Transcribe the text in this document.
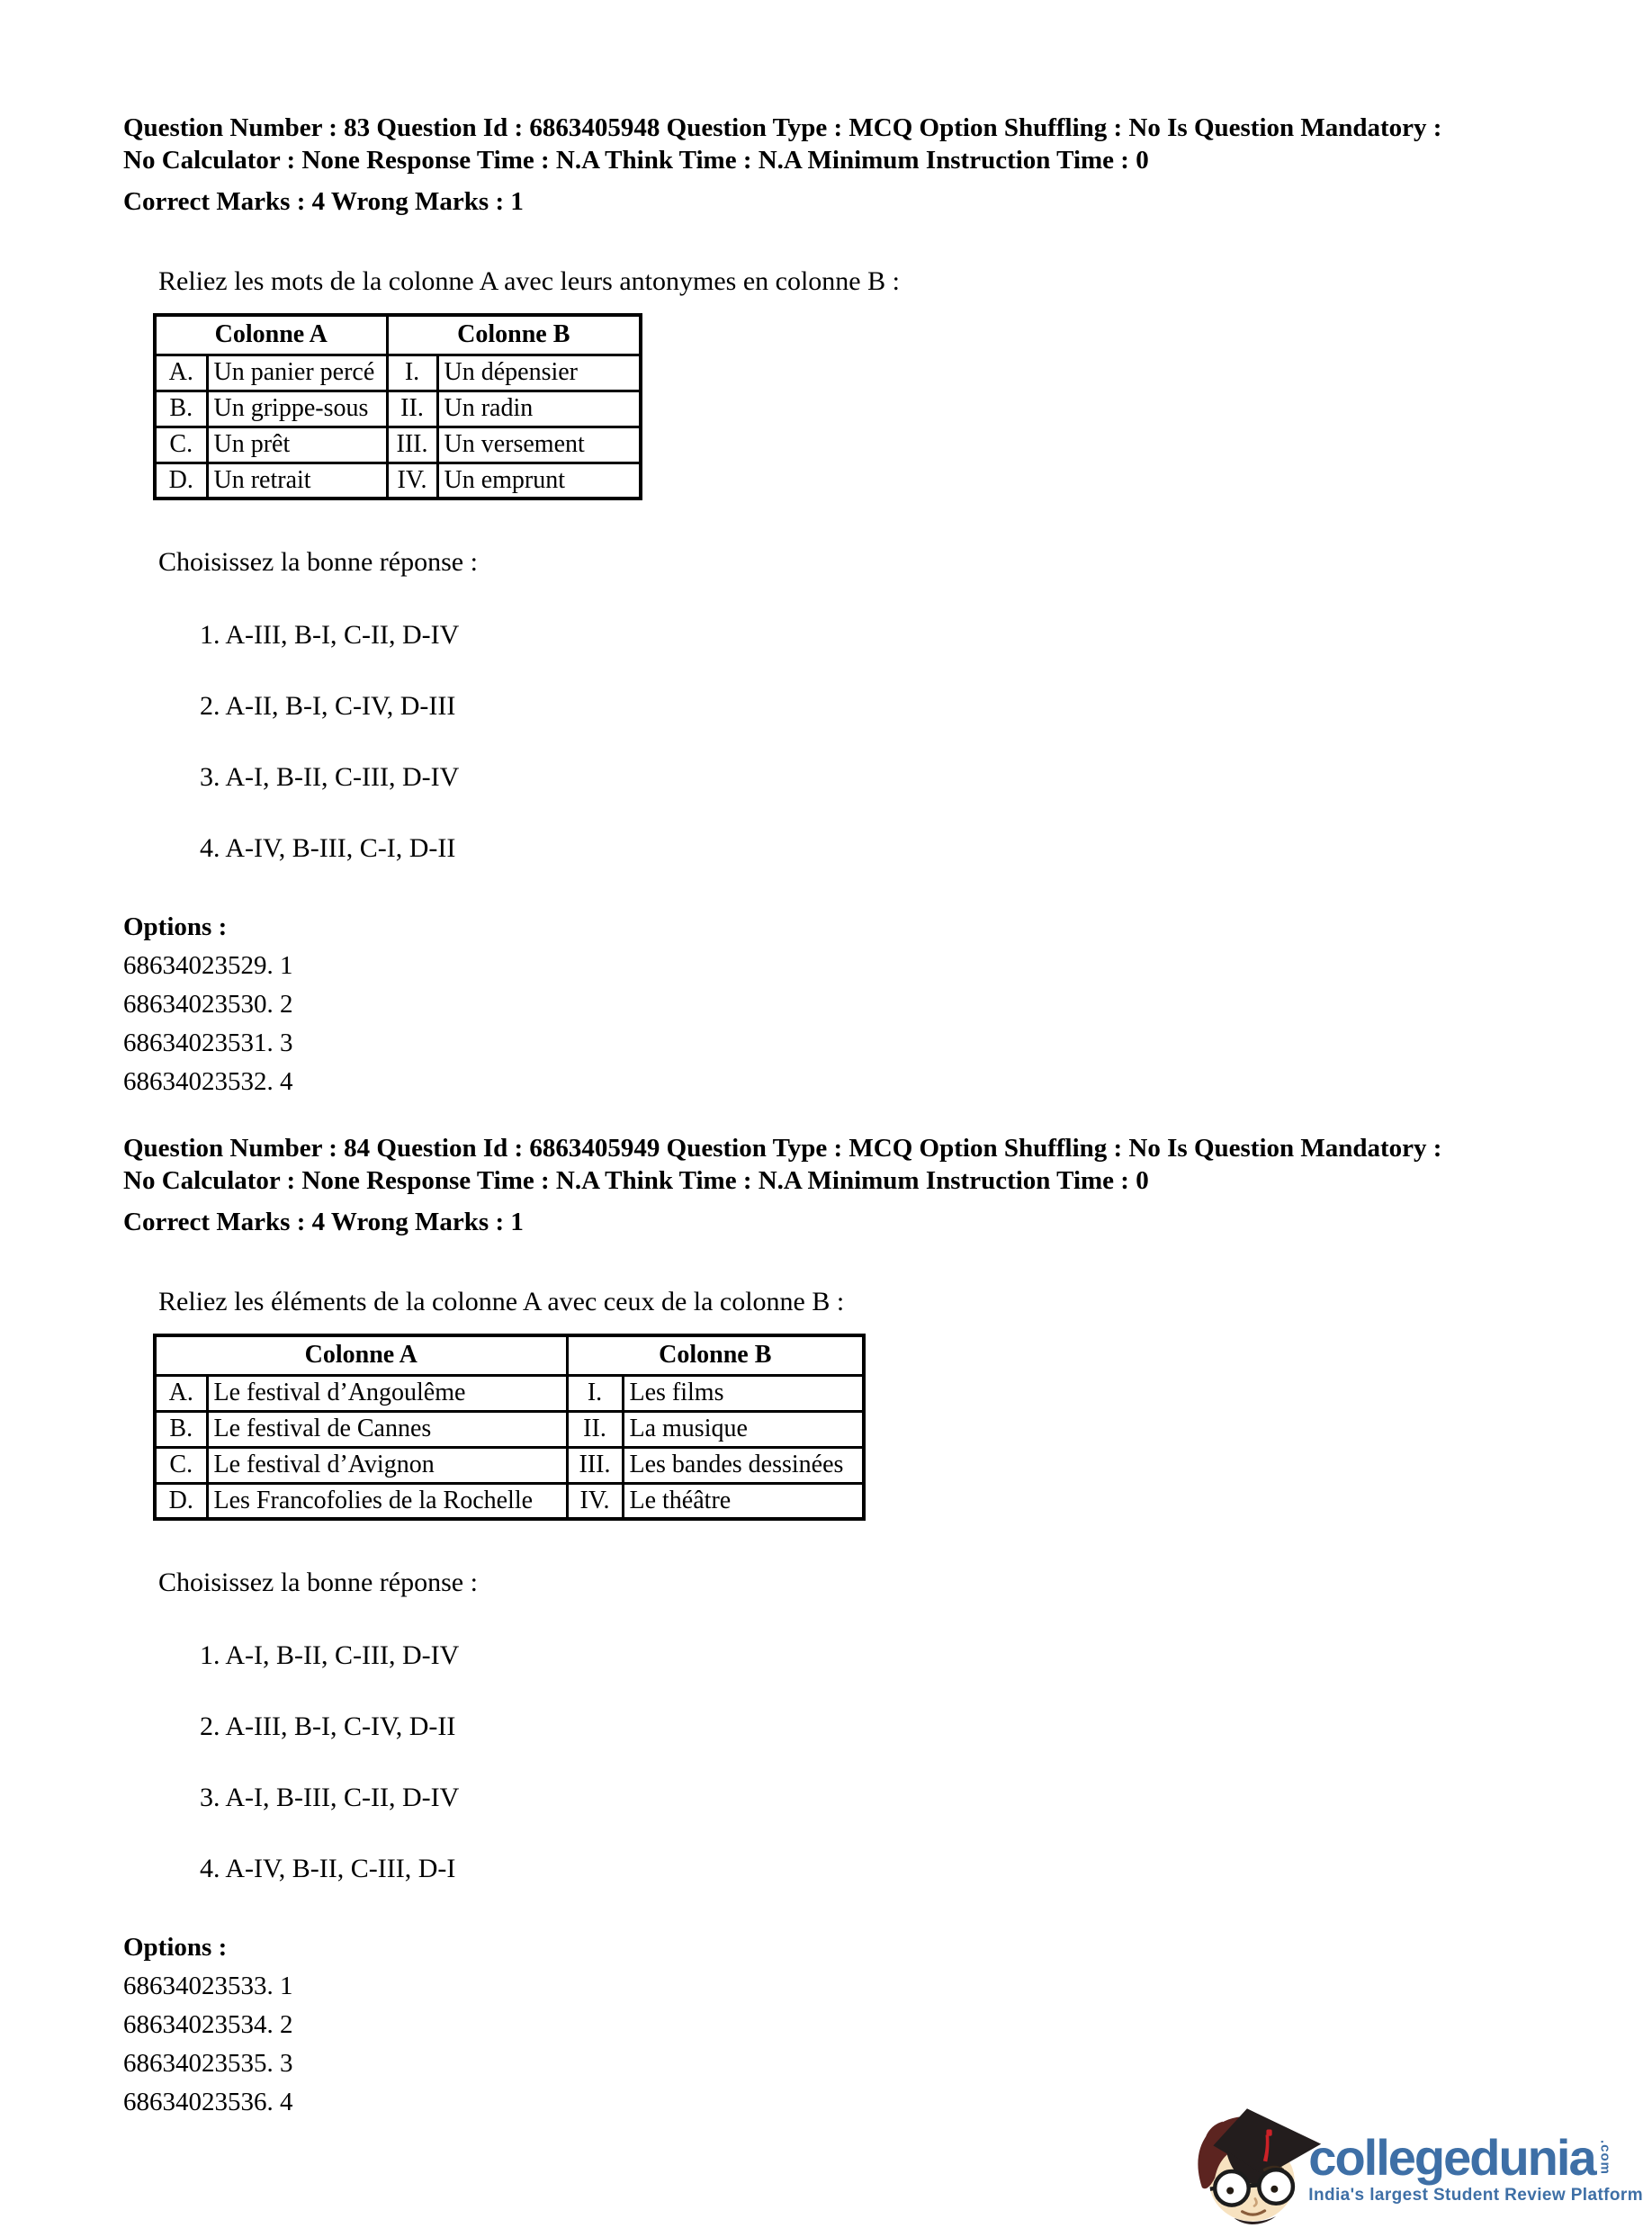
Question Number : 83 Question Id : 6863405948 Question Type : MCQ Option Shuffling : No Is Question Mandatory :
No Calculator : None Response Time : N.A Think Time : N.A Minimum Instruction Time : 0
Correct Marks : 4 Wrong Marks : 1
Reliez les mots de la colonne A avec leurs antonymes en colonne B :
Colonne A		Colonne B	
A.	Un panier percé	I.	Un dépensier
B.	Un grippe-sous	II.	Un radin
C.	Un prêt	III.	Un versement
D.	Un retrait	IV.	Un emprunt
Choisissez la bonne réponse :
1. A-III, B-I, C-II, D-IV
2. A-II, B-I, C-IV, D-III
3. A-I, B-II, C-III, D-IV
4. A-IV, B-III, C-I, D-II
Options :
68634023529. 1
68634023530. 2
68634023531. 3
68634023532. 4
Question Number : 84 Question Id : 6863405949 Question Type : MCQ Option Shuffling : No Is Question Mandatory :
No Calculator : None Response Time : N.A Think Time : N.A Minimum Instruction Time : 0
Correct Marks : 4 Wrong Marks : 1
Reliez les éléments de la colonne A avec ceux de la colonne B :
Colonne A		Colonne B	
A.	Le festival d’Angoulême	I.	Les films
B.	Le festival de Cannes	II.	La musique
C.	Le festival d’Avignon	III.	Les bandes dessinées
D.	Les Francofolies de la Rochelle	IV.	Le théâtre
Choisissez la bonne réponse :
1. A-I, B-II, C-III, D-IV
2. A-III, B-I, C-IV, D-II
3. A-I, B-III, C-II, D-IV
4. A-IV, B-II, C-III, D-I
Options :
68634023533. 1
68634023534. 2
68634023535. 3
68634023536. 4
collegedunia .com
India's largest Student Review Platform
